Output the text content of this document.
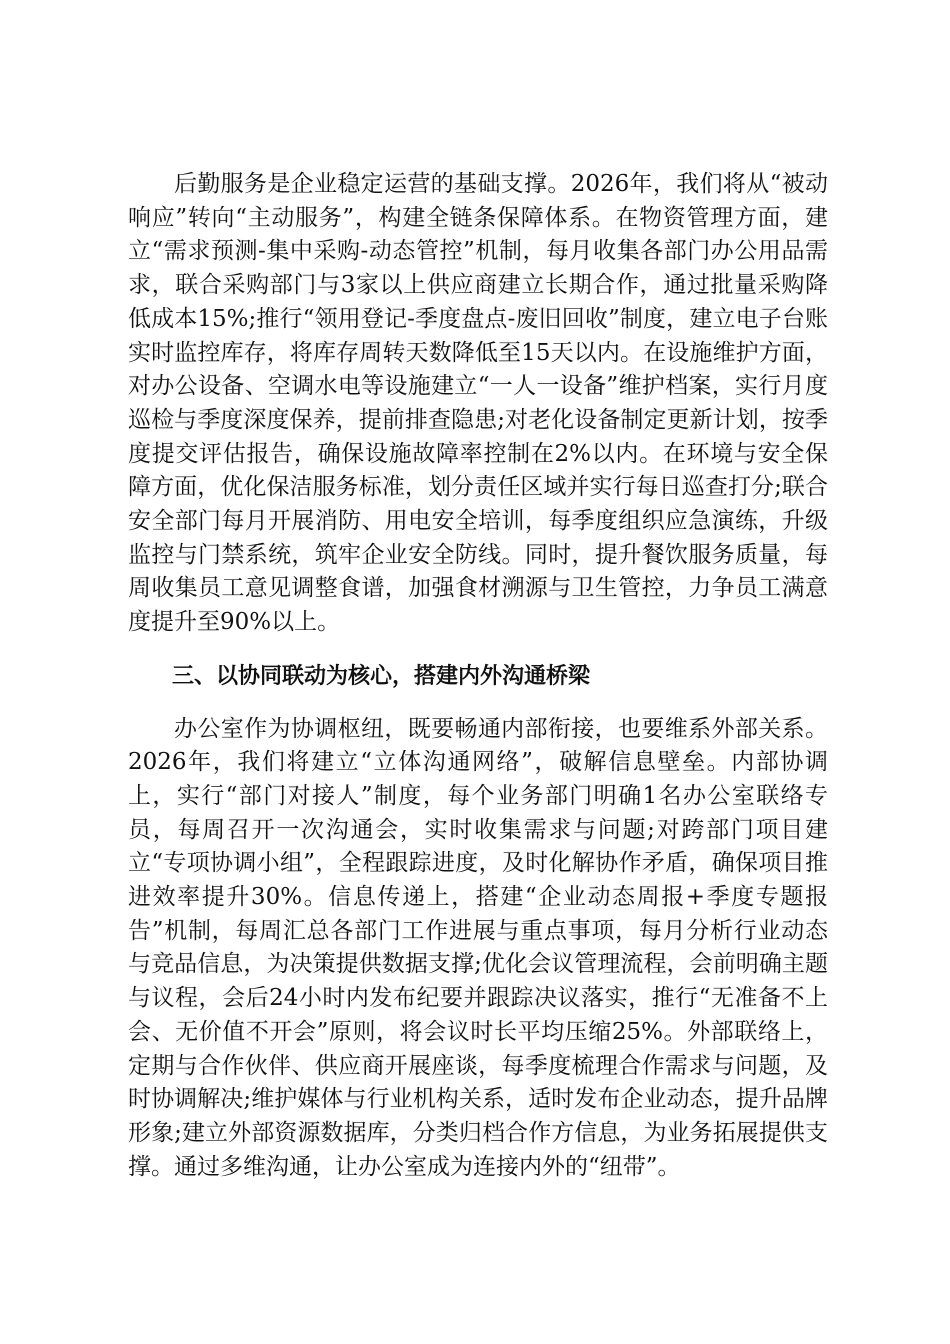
后勤服务是企业稳定运营的基础支撑。2026年，我们将从“被动响应”转向“主动服务”，构建全链条保障体系。在物资管理方面，建立“需求预测-集中采购-动态管控”机制，每月收集各部门办公用品需求，联合采购部门与3家以上供应商建立长期合作，通过批量采购降低成本15%;推行“领用登记-季度盘点-废旧回收”制度，建立电子台账实时监控库存，将库存周转天数降低至15天以内。在设施维护方面，对办公设备、空调水电等设施建立“一人一设备”维护档案，实行月度巡检与季度深度保养，提前排查隐患;对老化设备制定更新计划，按季度提交评估报告，确保设施故障率控制在2%以内。在环境与安全保障方面，优化保洁服务标准，划分责任区域并实行每日巡查打分;联合安全部门每月开展消防、用电安全培训，每季度组织应急演练，升级监控与门禁系统，筑牢企业安全防线。同时，提升餐饮服务质量，每周收集员工意见调整食谱，加强食材溯源与卫生管控，力争员工满意度提升至90%以上。

三、以协同联动为核心，搭建内外沟通桥梁

办公室作为协调枢纽，既要畅通内部衔接，也要维系外部关系。2026年，我们将建立“立体沟通网络”，破解信息壁垒。内部协调上，实行“部门对接人”制度，每个业务部门明确1名办公室联络专员，每周召开一次沟通会，实时收集需求与问题;对跨部门项目建立“专项协调小组”，全程跟踪进度，及时化解协作矛盾，确保项目推进效率提升30%。信息传递上，搭建“企业动态周报+季度专题报告”机制，每周汇总各部门工作进展与重点事项，每月分析行业动态与竞品信息，为决策提供数据支撑;优化会议管理流程，会前明确主题与议程，会后24小时内发布纪要并跟踪决议落实，推行“无准备不上会、无价值不开会”原则，将会议时长平均压缩25%。外部联络上，定期与合作伙伴、供应商开展座谈，每季度梳理合作需求与问题，及时协调解决;维护媒体与行业机构关系，适时发布企业动态，提升品牌形象;建立外部资源数据库，分类归档合作方信息，为业务拓展提供支撑。通过多维沟通，让办公室成为连接内外的“纽带”。
